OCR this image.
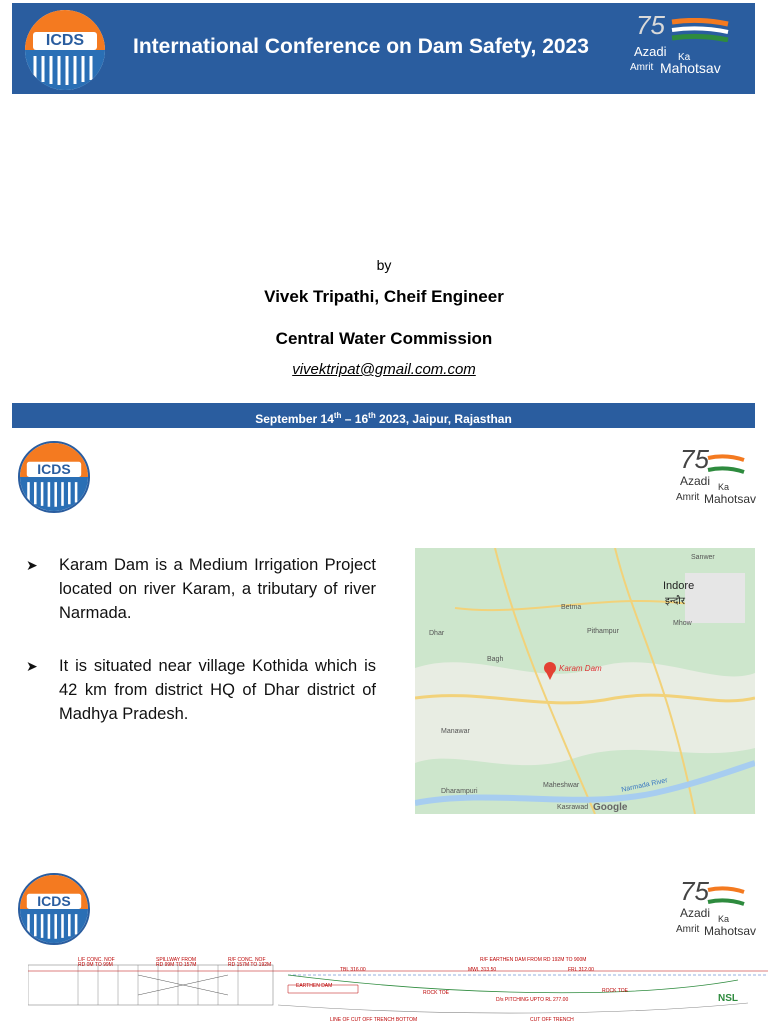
ICDS	International Conference on Dam Safety, 2023
75
Azadi Ka
Amrit Mahotsav
by
Vivek Tripathi, Cheif Engineer
Central Water Commission
vivektripat@gmail.com.com
September 14th – 16th 2023, Jaipur, Rajasthan
ICDS	75
Azadi Ka
Amrit Mahotsav
➤ Karam Dam is a Medium Irrigation Project located on river Karam, a tributary of river Narmada.
➤ It is situated near village Kothida which is 42 km from district HQ of Dhar district of Madhya Pradesh.
Indore
इन्दौर
Karam Dam
Dhar
Bagh
Manawar
Maheshwar
Dharampuri
Kasrawad
Betma
Pithampur
Mhow
Sanwer
Narmada River
Google
ICDS	75
Azadi Ka
Amrit Mahotsav
L/F CONC. NOF
RD 0M TO 99M
SPILLWAY FROM
RD 99M TO 157M
R/F CONC. NOF
RD 157M TO 192M
R/F EARTHEN DAM FROM RD 192M TO 900M
TBL 316.00	MWL 313.50	FRL 312.00
EARTHEN DAM
ROCK TOE
D/s PITCHING UPTO RL 277.00
ROCK TOE
NSL
LINE OF CUT OFF TRENCH BOTTOM	CUT OFF TRENCH
